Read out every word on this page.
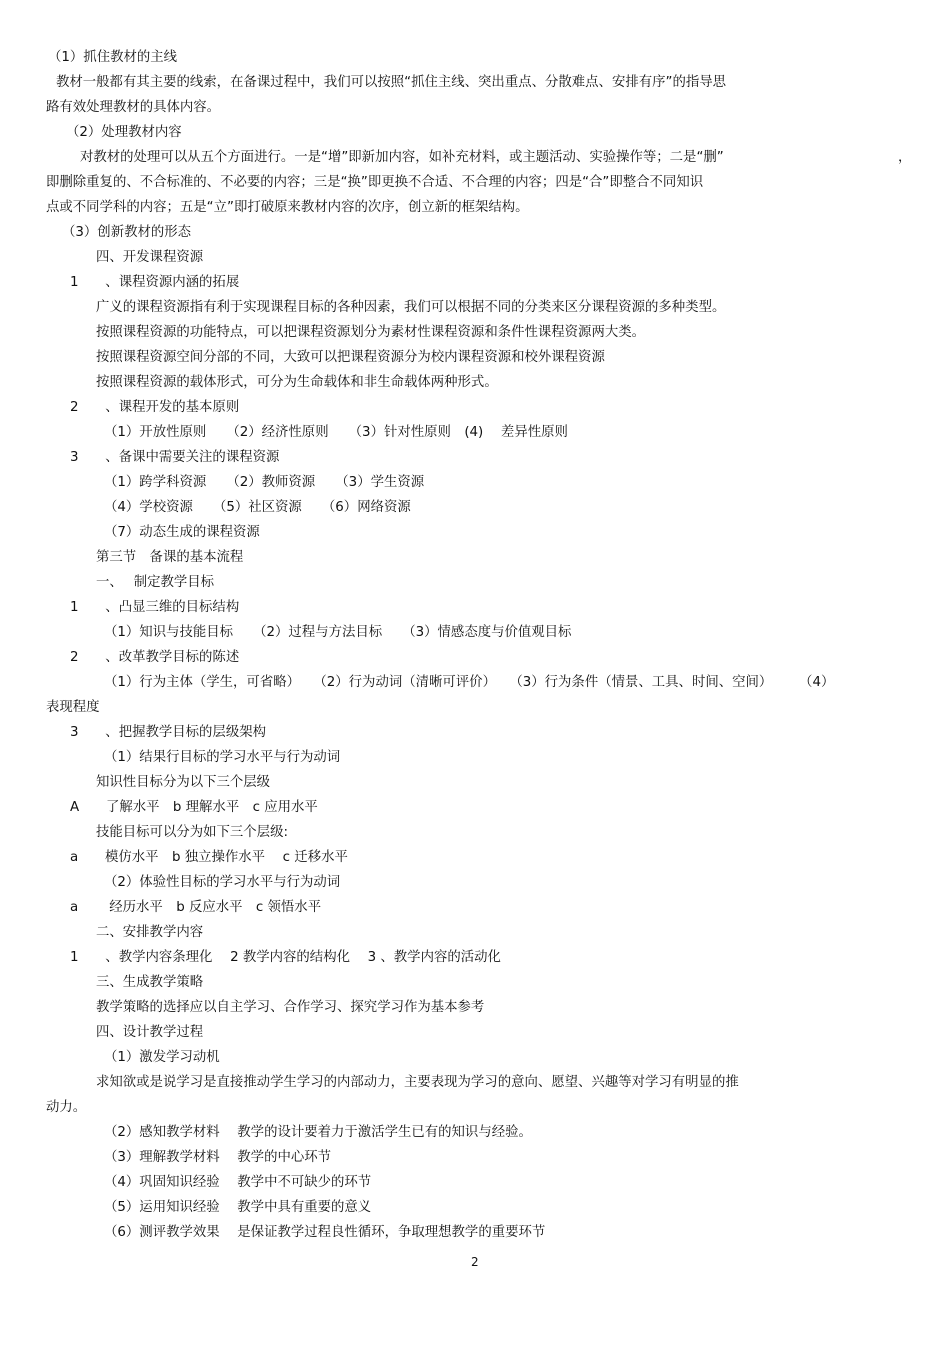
（1）抓住教材的主线
教材一般都有其主要的线索，在备课过程中，我们可以按照“抓住主线、突出重点、分散难点、安排有序”的指导思
路有效处理教材的具体内容。
（2）处理教材内容
对教材的处理可以从五个方面进行。一是“增”即新加内容，如补充材料，或主题活动、实验操作等；二是“删”	，
即删除重复的、不合标准的、不必要的内容；三是“换”即更换不合适、不合理的内容；四是“合”即整合不同知识
点或不同学科的内容；五是“立”即打破原来教材内容的次序，创立新的框架结构。
（3）创新教材的形态
四、开发课程资源
1　　、课程资源内涵的拓展
广义的课程资源指有利于实现课程目标的各种因素，我们可以根据不同的分类来区分课程资源的多种类型。
按照课程资源的功能特点，可以把课程资源划分为素材性课程资源和条件性课程资源两大类。
按照课程资源空间分部的不同，大致可以把课程资源分为校内课程资源和校外课程资源
按照课程资源的载体形式，可分为生命载体和非生命载体两种形式。
2　　、课程开发的基本原则
（1）开放性原则　　（2）经济性原则　　（3）针对性原则　(4)　 差异性原则
3　　、备课中需要关注的课程资源
（1）跨学科资源　　（2）教师资源　　（3）学生资源
（4）学校资源　　（5）社区资源　　（6）网络资源
（7）动态生成的课程资源
第三节　备课的基本流程
一、　 制定教学目标
1　　、凸显三维的目标结构
（1）知识与技能目标　　（2）过程与方法目标　　（3）情感态度与价值观目标
2　　、改革教学目标的陈述
（1）行为主体（学生，可省略）　　（2）行为动词（清晰可评价）　　（3）行为条件（情景、工具、时间、空间）　　　（4）
表现程度
3　　、把握教学目标的层级架构
（1）结果行目标的学习水平与行为动词
知识性目标分为以下三个层级
A　　了解水平　b 理解水平　c 应用水平
技能目标可以分为如下三个层级:
a　　模仿水平　b 独立操作水平　 c 迁移水平
（2）体验性目标的学习水平与行为动词
a　　 经历水平　b 反应水平　c 领悟水平
二、安排教学内容
1　　、教学内容条理化　 2 教学内容的结构化　 3 、教学内容的活动化
三、生成教学策略
教学策略的选择应以自主学习、合作学习、探究学习作为基本参考
四、设计教学过程
（1）激发学习动机
求知欲或是说学习是直接推动学生学习的内部动力，主要表现为学习的意向、愿望、兴趣等对学习有明显的推
动力。
（2）感知教学材料　 教学的设计要着力于激活学生已有的知识与经验。
（3）理解教学材料　 教学的中心环节
（4）巩固知识经验　 教学中不可缺少的环节
（5）运用知识经验　 教学中具有重要的意义
（6）测评教学效果　 是保证教学过程良性循环，争取理想教学的重要环节
2
